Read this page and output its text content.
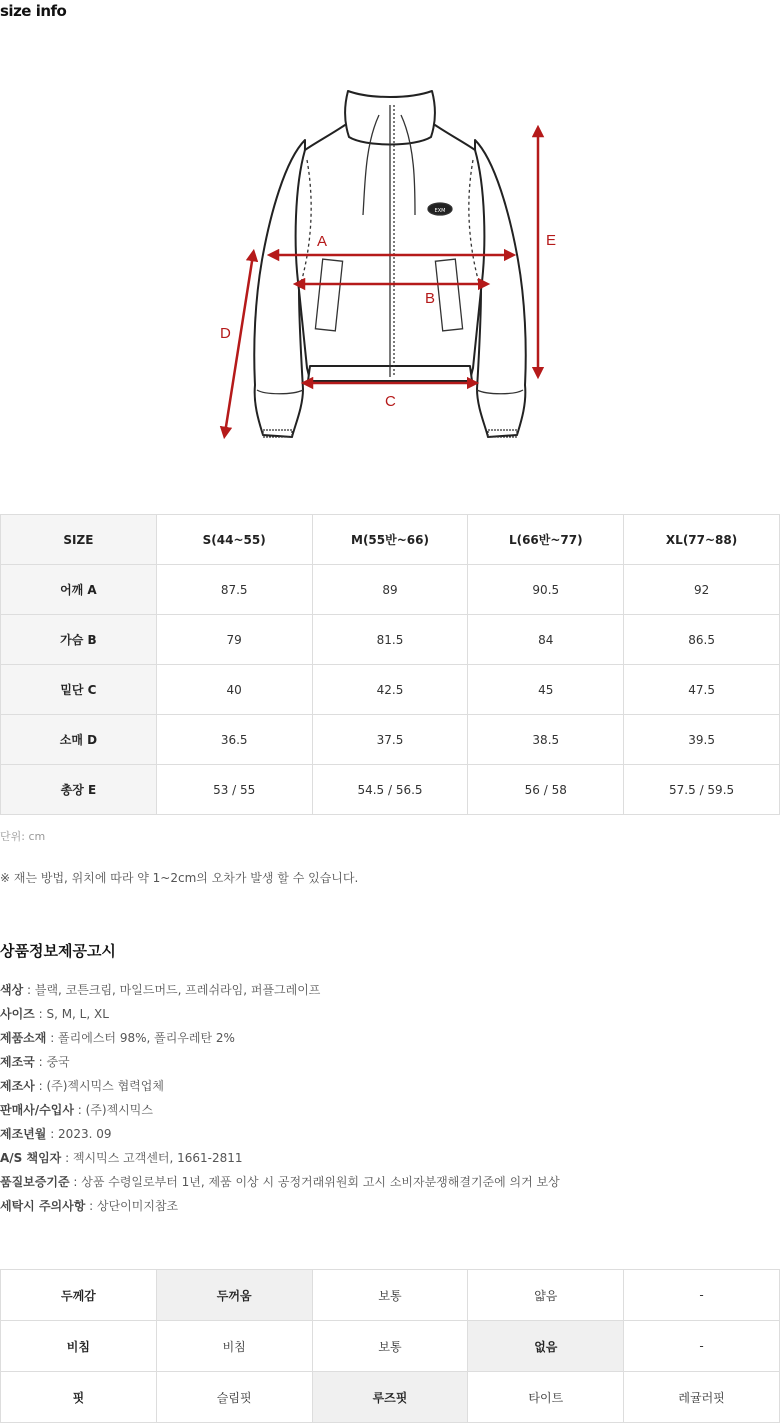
size info
EXM
A
B
C
D
E
SIZE	S(44~55)	M(55반~66)	L(66반~77)	XL(77~88)
어깨 A	87.5	89	90.5	92
가슴 B	79	81.5	84	86.5
밑단 C	40	42.5	45	47.5
소매 D	36.5	37.5	38.5	39.5
총장 E	53 / 55	54.5 / 56.5	56 / 58	57.5 / 59.5
단위: cm
※ 재는 방법, 위치에 따라 약 1~2cm의 오차가 발생 할 수 있습니다.
상품정보제공고시
색상 : 블랙, 코튼크림, 마일드머드, 프레쉬라임, 퍼플그레이프
사이즈 : S, M, L, XL
제품소재 : 폴리에스터 98%, 폴리우레탄 2%
제조국 : 중국
제조사 : (주)젝시믹스 협력업체
판매사/수입사 : (주)젝시믹스
제조년월 : 2023. 09
A/S 책임자 : 젝시믹스 고객센터, 1661-2811
품질보증기준 : 상품 수령일로부터 1년, 제품 이상 시 공정거래위원회 고시 소비자분쟁해결기준에 의거 보상
세탁시 주의사항 : 상단이미지참조
두께감	두꺼움	보통	얇음	-
비침	비침	보통	없음	-
핏	슬림핏	루즈핏	타이트	레귤러핏
